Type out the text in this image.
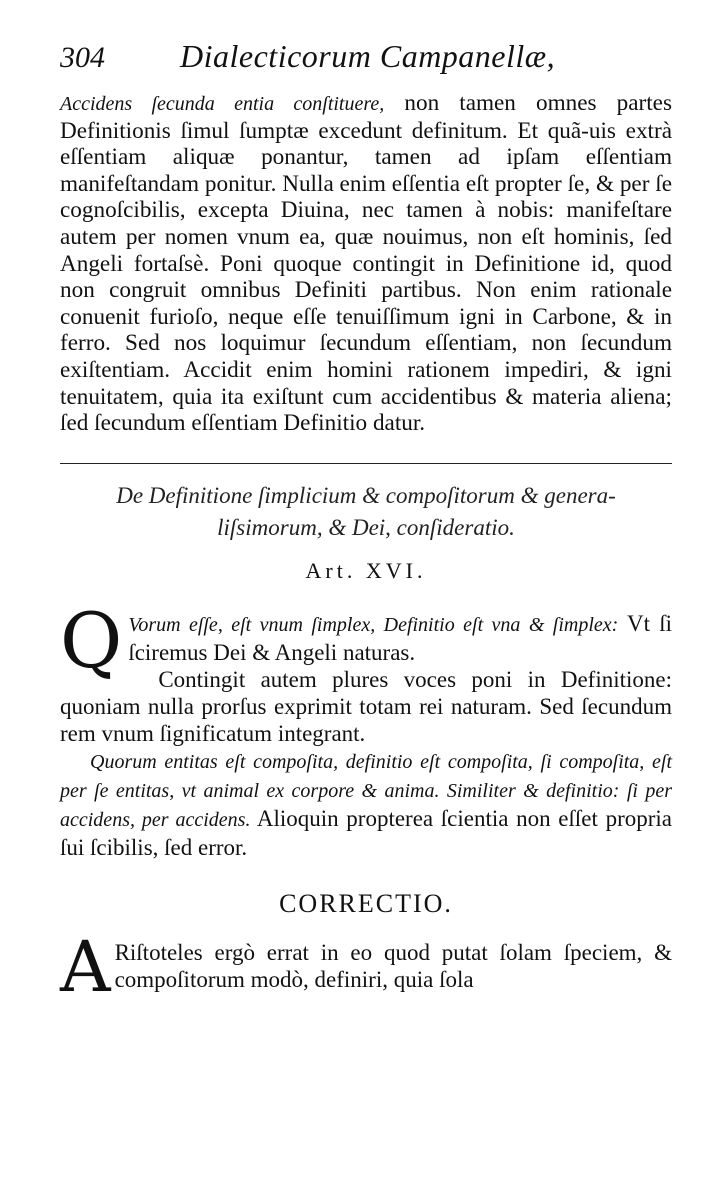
304	Dialecticorum Campanellæ,

Accidens ſecunda entia conſtituere, non tamen omnes partes Definitionis ſimul ſumptæ excedunt definitum. Et quã-uis extrà eſſentiam aliquæ ponantur, tamen ad ipſam eſſentiam manifeſtandam ponitur. Nulla enim eſſentia eſt propter ſe, & per ſe cognoſcibilis, excepta Diuina, nec tamen à nobis: manifeſtare autem per nomen vnum ea, quæ nouimus, non eſt hominis, ſed Angeli fortaſsè. Poni quoque contingit in Definitione id, quod non congruit omnibus Definiti partibus. Non enim rationale conuenit furioſo, neque eſſe tenuiſſimum igni in Carbone, & in ferro. Sed nos loquimur ſecundum eſſentiam, non ſecundum exiſtentiam. Accidit enim homini rationem impediri, & igni tenuitatem, quia ita exiſtunt cum accidentibus & materia aliena; ſed ſecundum eſſentiam Definitio datur.

De Definitione ſimplicium & compoſitorum & genera-
liſsimorum, & Dei, conſideratio.
Art. XVI.
Q Vorum eſſe, eſt vnum ſimplex, Definitio eſt vna & ſimplex: Vt ſi ſciremus Dei & Angeli naturas.

Contingit autem plures voces poni in Definitione: quoniam nulla prorſus exprimit totam rei naturam. Sed ſecundum rem vnum ſignificatum integrant.

Quorum entitas eſt compoſita, definitio eſt compoſita, ſi compoſita, eſt per ſe entitas, vt animal ex corpore & anima. Similiter & definitio: ſi per accidens, per accidens. Alioquin propterea ſcientia non eſſet propria ſui ſcibilis, ſed error.

CORRECTIO.
A Riſtoteles ergò errat in eo quod putat ſolam ſpeciem, & compoſitorum modò, definiri, quia ſola
